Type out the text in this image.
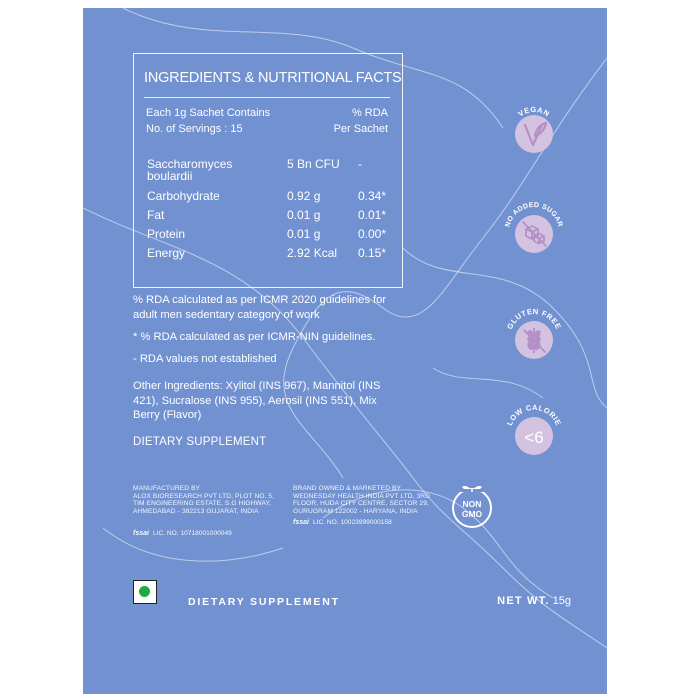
INGREDIENTS & NUTRITIONAL FACTS
Each 1g Sachet Contains	% RDA
No. of Servings : 15	Per Sachet
Saccharomyces	5 Bn CFU -
boulardii
Carbohydrate	0.92 g	0.34*
Fat	0.01 g	0.01*
Protein	0.01 g	0.00*
Energy	2.92 Kcal 0.15*
% RDA calculated as per ICMR 2020 guidelines for adult men sedentary category of work
* % RDA calculated as per ICMR-NIN guidelines.
- RDA values not established
Other Ingredients: Xylitol (INS 967), Mannitol (INS 421), Sucralose (INS 955), Aerosil (INS 551), Mix Berry (Flavor)
DIETARY SUPPLEMENT
MANUFACTURED BY
ALOX BIORESEARCH PVT LTD, PLOT NO. 5, TIM ENGINEERING ESTATE, S.G HIGHWAY, AHMEDABAD - 382213 GUJARAT, INDIA
fssai LIC. NO. 10718001000049
BRAND OWNED & MARKETED BY
WEDNESDAY HEALTH INDIA PVT LTD, 3RD FLOOR, HUDA CITY CENTRE, SECTOR 29, GURUGRAM 122002 - HARYANA, INDIA
fssai LIC. NO. 10023999000158
VEGAN
NO ADDED SUGAR
GLUTEN FREE
LOW CALORIE
<6
NON
GMO
DIETARY SUPPLEMENT	NET WT. 15g
